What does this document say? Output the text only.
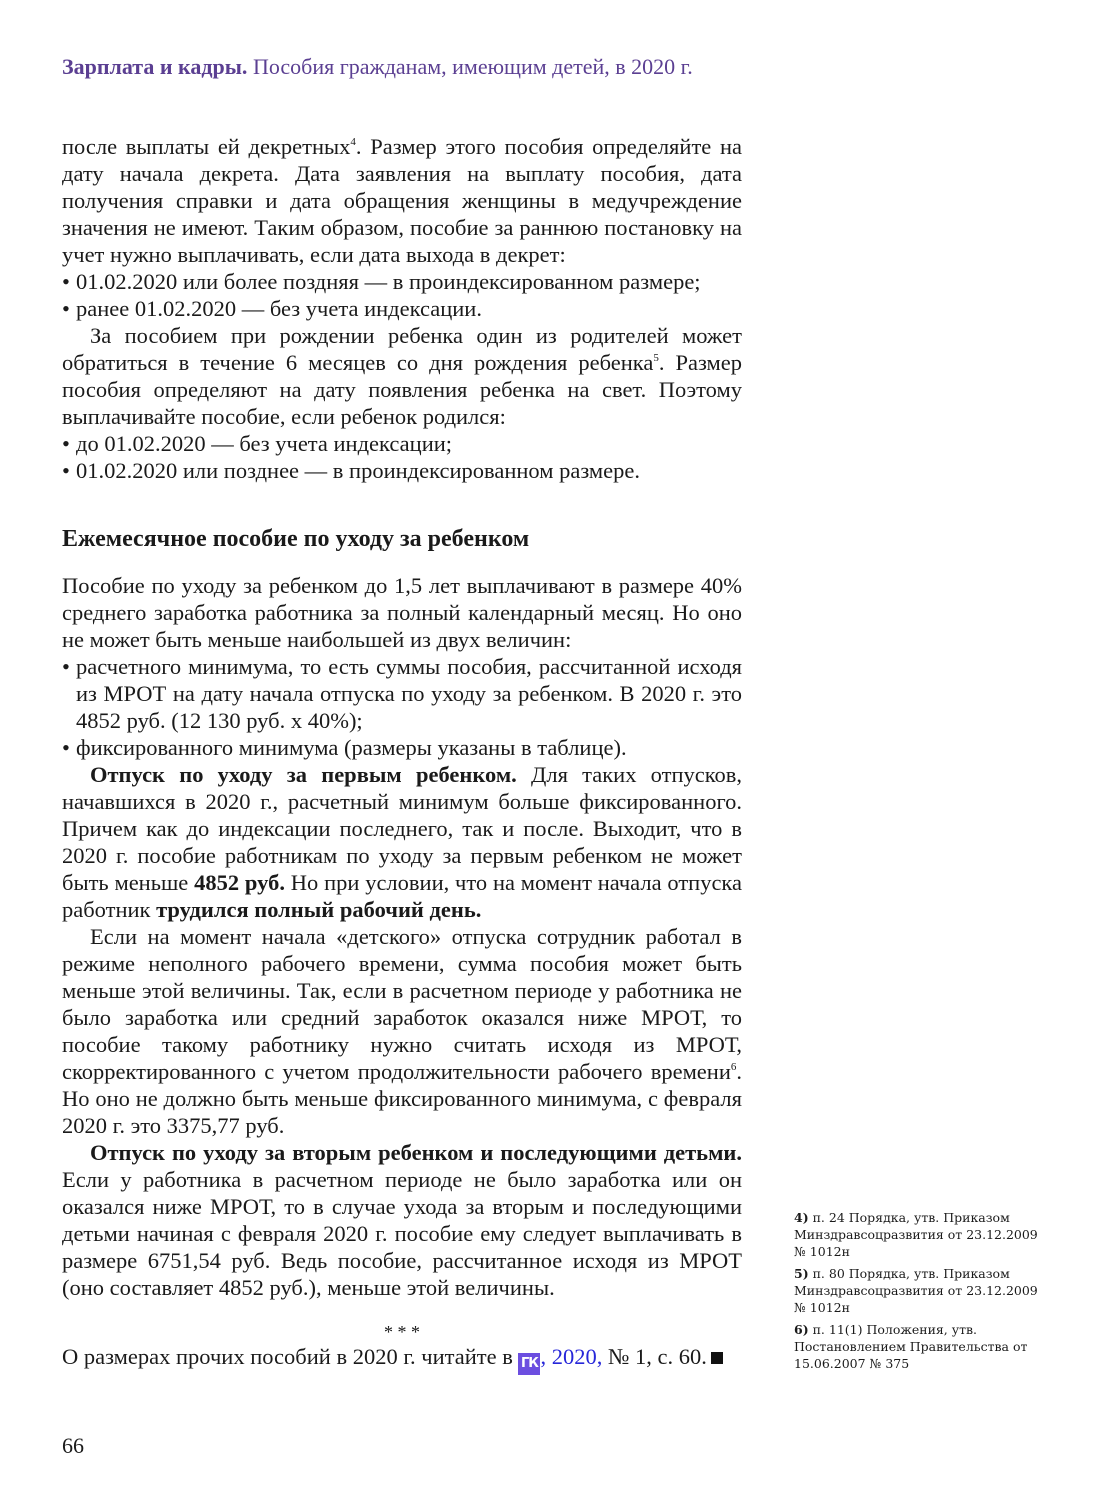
Зарплата и кадры. Пособия гражданам, имеющим детей, в 2020 г.

после выплаты ей декретных$^4$. Размер этого пособия определяйте на дату начала декрета. Дата заявления на выплату пособия, дата получения справки и дата обращения женщины в медучреждение значения не имеют. Таким образом, пособие за раннюю постановку на учет нужно выплачивать, если дата выхода в декрет:

• 01.02.2020 или более поздняя — в проиндексированном размере;
• ранее 01.02.2020 — без учета индексации.

За пособием при рождении ребенка один из родителей может обратиться в течение 6 месяцев со дня рождения ребенка$^5$. Размер пособия определяют на дату появления ребенка на свет. Поэтому выплачивайте пособие, если ребенок родился:

• до 01.02.2020 — без учета индексации;
• 01.02.2020 или позднее — в проиндексированном размере.
Ежемесячное пособие по уходу за ребенком

Пособие по уходу за ребенком до 1,5 лет выплачивают в размере 40% среднего заработка работника за полный календарный месяц. Но оно не может быть меньше наибольшей из двух величин:

• расчетного минимума, то есть суммы пособия, рассчитанной исходя из МРОТ на дату начала отпуска по уходу за ребенком. В 2020 г. это 4852 руб. (12 130 руб. х 40%);
• фиксированного минимума (размеры указаны в таблице).

Отпуск по уходу за первым ребенком. Для таких отпусков, начавшихся в 2020 г., расчетный минимум больше фиксированного. Причем как до индексации последнего, так и после. Выходит, что в 2020 г. пособие работникам по уходу за первым ребенком не может быть меньше 4852 руб. Но при условии, что на момент начала отпуска работник трудился полный рабочий день.

Если на момент начала «детского» отпуска сотрудник работал в режиме неполного рабочего времени, сумма пособия может быть меньше этой величины. Так, если в расчетном периоде у работника не было заработка или средний заработок оказался ниже МРОТ, то пособие такому работнику нужно считать исходя из МРОТ, скорректированного с учетом продолжительности рабочего времени$^6$. Но оно не должно быть меньше фиксированного минимума, с февраля 2020 г. это 3375,77 руб.

Отпуск по уходу за вторым ребенком и последующими детьми. Если у работника в расчетном периоде не было заработка или он оказался ниже МРОТ, то в случае ухода за вторым и последующими детьми начиная с февраля 2020 г. пособие ему следует выплачивать в размере 6751,54 руб. Ведь пособие, рассчитанное исходя из МРОТ (оно составляет 4852 руб.), меньше этой величины.

* * *

О размерах прочих пособий в 2020 г. читайте в ГК , 2020, № 1, с. 60.

4) п. 24 Порядка, утв. Приказом Минздравсоцразвития от 23.12.2009 № 1012н
5) п. 80 Порядка, утв. Приказом Минздравсоцразвития от 23.12.2009 № 1012н
6) п. 11(1) Положения, утв. Постановлением Правительства от 15.06.2007 № 375
66
